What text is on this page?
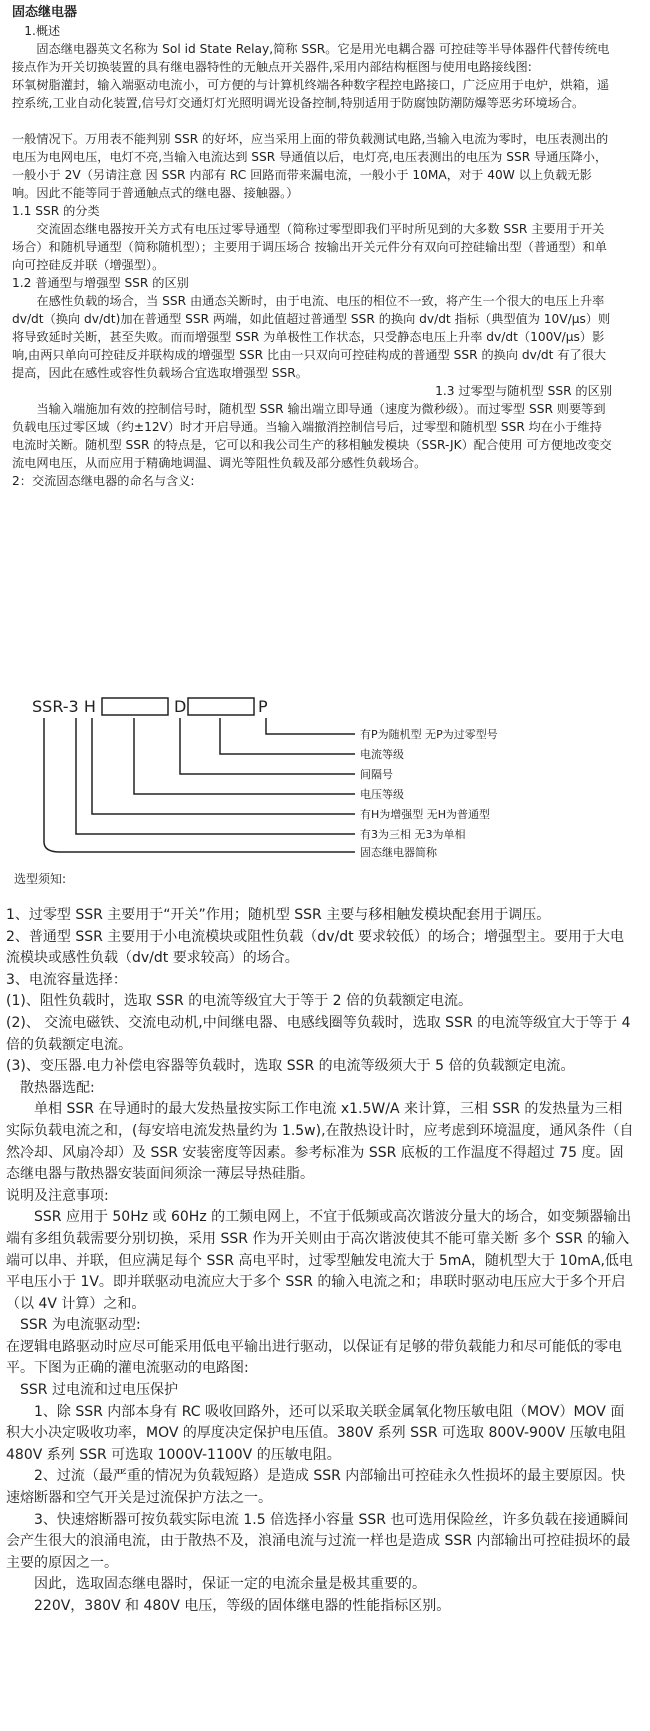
固态继电器

1.概述

固态继电器英文名称为 Sol id State Relay,简称 SSR。它是用光电耦合器 可控硅等半导体器件代替传统电接点作为开关切换装置的具有继电器特性的无触点开关器件,采用内部结构框图与使用电路接线图:

环氧树脂灌封，输入端驱动电流小，可方便的与计算机终端各种数字程控电路接口，广泛应用于电炉，烘箱，遥控系统,工业自动化装置,信号灯交通灯灯光照明调光设备控制,特别适用于防腐蚀防潮防爆等恶劣环境场合。

一般情况下。万用表不能判别 SSR 的好坏，应当采用上面的带负载测试电路,当输入电流为零时，电压表测出的电压为电网电压，电灯不亮,当输入电流达到 SSR 导通值以后，电灯亮,电压表测出的电压为 SSR 导通压降小，一般小于 2V（另请注意 因 SSR 内部有 RC 回路而带来漏电流，一般小于 10MA，对于 40W 以上负载无影响。因此不能等同于普通触点式的继电器、接触器。）

1.1 SSR 的分类

交流固态继电器按开关方式有电压过零导通型（简称过零型即我们平时所见到的大多数 SSR 主要用于开关场合）和随机导通型（简称随机型）；主要用于调压场合 按输出开关元件分有双向可控硅输出型（普通型）和单向可控硅反并联（增强型）。

1.2 普通型与增强型 SSR 的区别

在感性负载的场合，当 SSR 由通态关断时，由于电流、电压的相位不一致，将产生一个很大的电压上升率 dv/dt（换向 dv/dt)加在普通型 SSR 两端，如此值超过普通型 SSR 的换向 dv/dt 指标（典型值为 10V/μs）则将导致延时关断，甚至失败。而而增强型 SSR 为单极性工作状态，只受静态电压上升率 dv/dt（100V/μs）影响,由两只单向可控硅反并联构成的增强型 SSR 比由一只双向可控硅构成的普通型 SSR 的换向 dv/dt 有了很大提高，因此在感性或容性负载场合宜选取增强型 SSR。

1.3 过零型与随机型 SSR 的区别

当输入端施加有效的控制信号时，随机型 SSR 输出端立即导通（速度为微秒级）。而过零型 SSR 则要等到负载电压过零区域（约±12V）时才开启导通。当输入端撤消控制信号后，过零型和随机型 SSR 均在小于维持电流时关断。随机型 SSR 的特点是，它可以和我公司生产的移相触发模块（SSR-JK）配合使用 可方便地改变交流电网电压，从而应用于精确地调温、调光等阻性负载及部分感性负载场合。

2：交流固态继电器的命名与含义:

SSR-3 H	D	P
有P为随机型 无P为过零型号
电流等级
间隔号
电压等级
有H为增强型 无H为普通型
有3为三相 无3为单相
固态继电器简称
选型须知:

1、过零型 SSR 主要用于“开关”作用；随机型 SSR 主要与移相触发模块配套用于调压。

2、普通型 SSR 主要用于小电流模块或阻性负载（dv/dt 要求较低）的场合；增强型主。要用于大电流模块或感性负载（dv/dt 要求较高）的场合。

3、电流容量选择：

(1)、阻性负载时，选取 SSR 的电流等级宜大于等于 2 倍的负载额定电流。

(2)、 交流电磁铁、交流电动机,中间继电器、电感线圈等负载时，选取 SSR 的电流等级宜大于等于 4 倍的负载额定电流。

(3)、变压器.电力补偿电容器等负载时，选取 SSR 的电流等级须大于 5 倍的负载额定电流。

散热器选配:

单相 SSR 在导通时的最大发热量按实际工作电流 x1.5W/A 来计算，三相 SSR 的发热量为三相实际负载电流之和，(每安培电流发热量约为 1.5w),在散热设计时，应考虑到环境温度，通风条件（自然冷却、风扇冷却）及 SSR 安装密度等因素。参考标准为 SSR 底板的工作温度不得超过 75 度。固态继电器与散热器安装面间须涂一薄层导热硅脂。

说明及注意事项:

SSR 应用于 50Hz 或 60Hz 的工频电网上，不宜于低频或高次谐波分量大的场合，如变频器输出端有多组负载需要分别切换，采用 SSR 作为开关则由于高次谐波使其不能可靠关断 多个 SSR 的输入端可以串、并联，但应满足每个 SSR 高电平时，过零型触发电流大于 5mA，随机型大于 10mA,低电平电压小于 1V。即并联驱动电流应大于多个 SSR 的输入电流之和；串联时驱动电压应大于多个开启（以 4V 计算）之和。

SSR 为电流驱动型:

在逻辑电路驱动时应尽可能采用低电平输出进行驱动，以保证有足够的带负载能力和尽可能低的零电平。下图为正确的灌电流驱动的电路图:

SSR 过电流和过电压保护

1、除 SSR 内部本身有 RC 吸收回路外，还可以采取关联金属氧化物压敏电阻（MOV）MOV 面积大小决定吸收功率，MOV 的厚度决定保护电压值。380V 系列 SSR 可选取 800V-900V 压敏电阻 480V 系列 SSR 可选取 1000V-1100V 的压敏电阻。

2、过流（最严重的情况为负载短路）是造成 SSR 内部输出可控硅永久性损坏的最主要原因。快速熔断器和空气开关是过流保护方法之一。

3、快速熔断器可按负载实际电流 1.5 倍选择小容量 SSR 也可选用保险丝，许多负载在接通瞬间会产生很大的浪涌电流，由于散热不及，浪涌电流与过流一样也是造成 SSR 内部输出可控硅损坏的最主要的原因之一。

因此，选取固态继电器时，保证一定的电流余量是极其重要的。

220V，380V 和 480V 电压，等级的固体继电器的性能指标区别。
